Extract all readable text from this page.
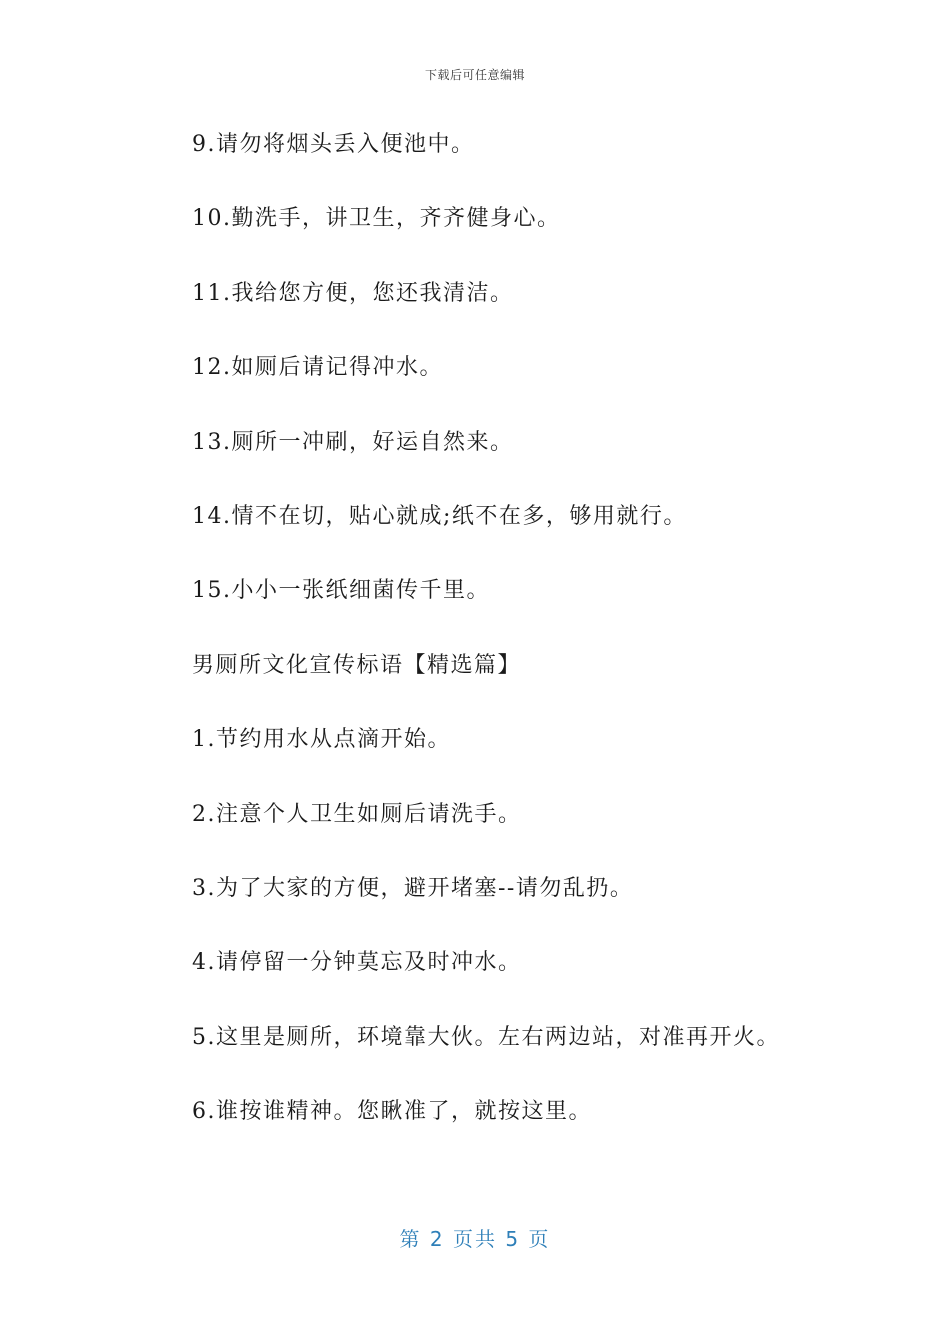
下载后可任意编辑

9.请勿将烟头丢入便池中。

10.勤洗手，讲卫生，齐齐健身心。

11.我给您方便，您还我清洁。

12.如厕后请记得冲水。

13.厕所一冲刷，好运自然来。

14.情不在切，贴心就成;纸不在多，够用就行。

15.小小一张纸细菌传千里。

男厕所文化宣传标语【精选篇】

1.节约用水从点滴开始。

2.注意个人卫生如厕后请洗手。

3.为了大家的方便，避开堵塞--请勿乱扔。

4.请停留一分钟莫忘及时冲水。

5.这里是厕所，环境靠大伙。左右两边站，对准再开火。

6.谁按谁精神。您瞅准了，就按这里。

第 2 页共 5 页
